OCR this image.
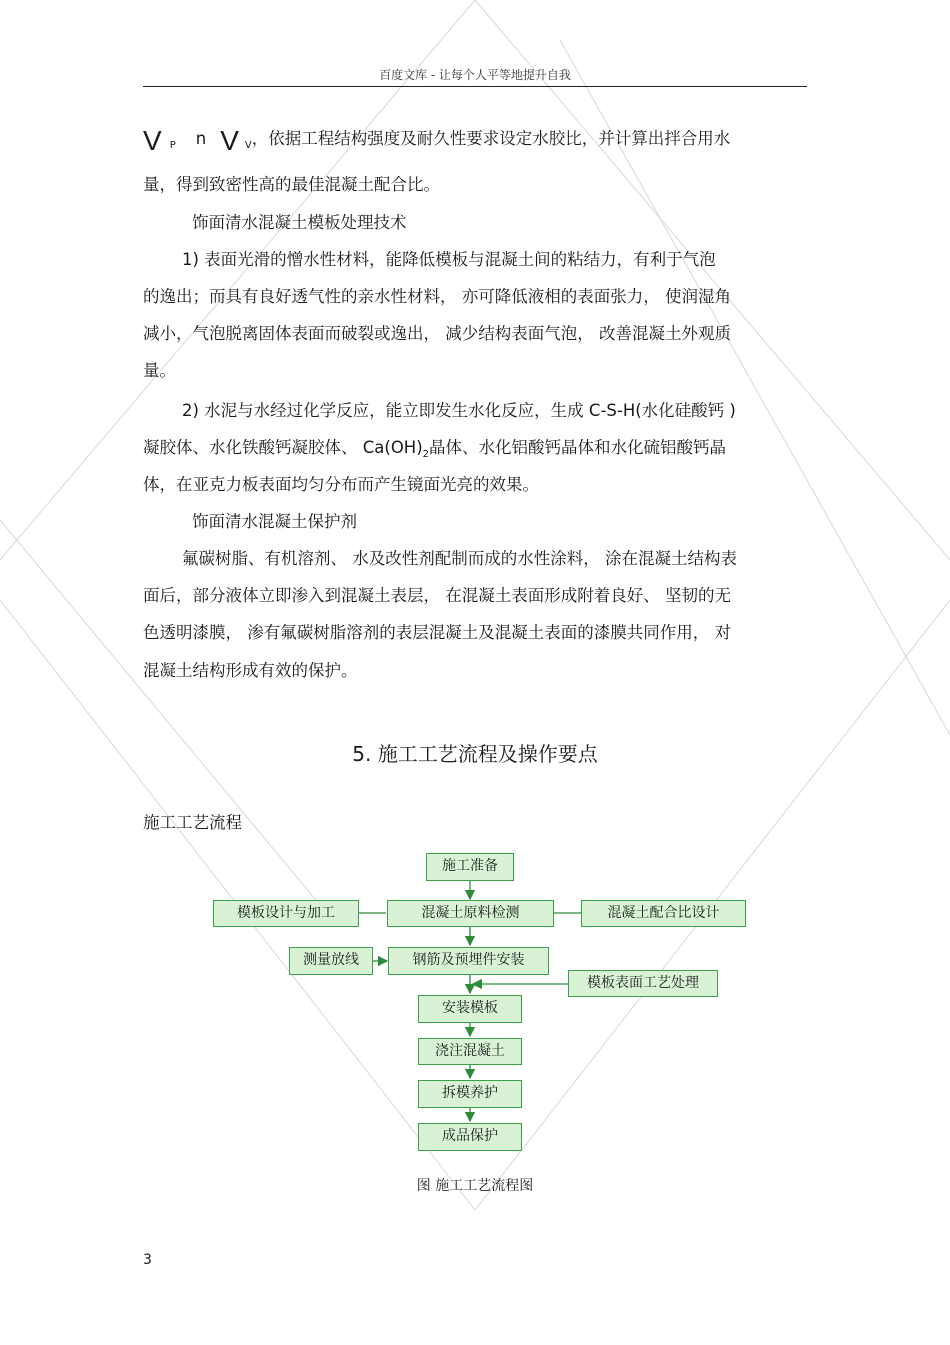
百度文库 - 让每个人平等地提升自我
V $_P$ n V $_V$，依据工程结构强度及耐久性要求设定水胶比，并计算出拌合用水
量，得到致密性高的最佳混凝土配合比。
饰面清水混凝土模板处理技术
1) 表面光滑的憎水性材料，能降低模板与混凝土间的粘结力，有利于气泡
的逸出；而具有良好透气性的亲水性材料， 亦可降低液相的表面张力， 使润湿角
减小，气泡脱离固体表面而破裂或逸出， 减少结构表面气泡， 改善混凝土外观质
量。
2) 水泥与水经过化学反应，能立即发生水化反应，生成 C-S-H(水化硅酸钙 )
凝胶体、水化铁酸钙凝胶体、 $Ca(OH)_2$晶体、水化铝酸钙晶体和水化硫铝酸钙晶
体，在亚克力板表面均匀分布而产生镜面光亮的效果。
饰面清水混凝土保护剂
氟碳树脂、有机溶剂、 水及改性剂配制而成的水性涂料， 涂在混凝土结构表
面后，部分液体立即渗入到混凝土表层， 在混凝土表面形成附着良好、 坚韧的无
色透明漆膜， 渗有氟碳树脂溶剂的表层混凝土及混凝土表面的漆膜共同作用， 对
混凝土结构形成有效的保护。
5. 施工工艺流程及操作要点
施工工艺流程
施工准备
模板设计与加工	混凝土原料检测	混凝土配合比设计
测量放线	钢筋及预埋件安装
模板表面工艺处理
安装模板
浇注混凝土
拆模养护
成品保护
图 施工工艺流程图
3
